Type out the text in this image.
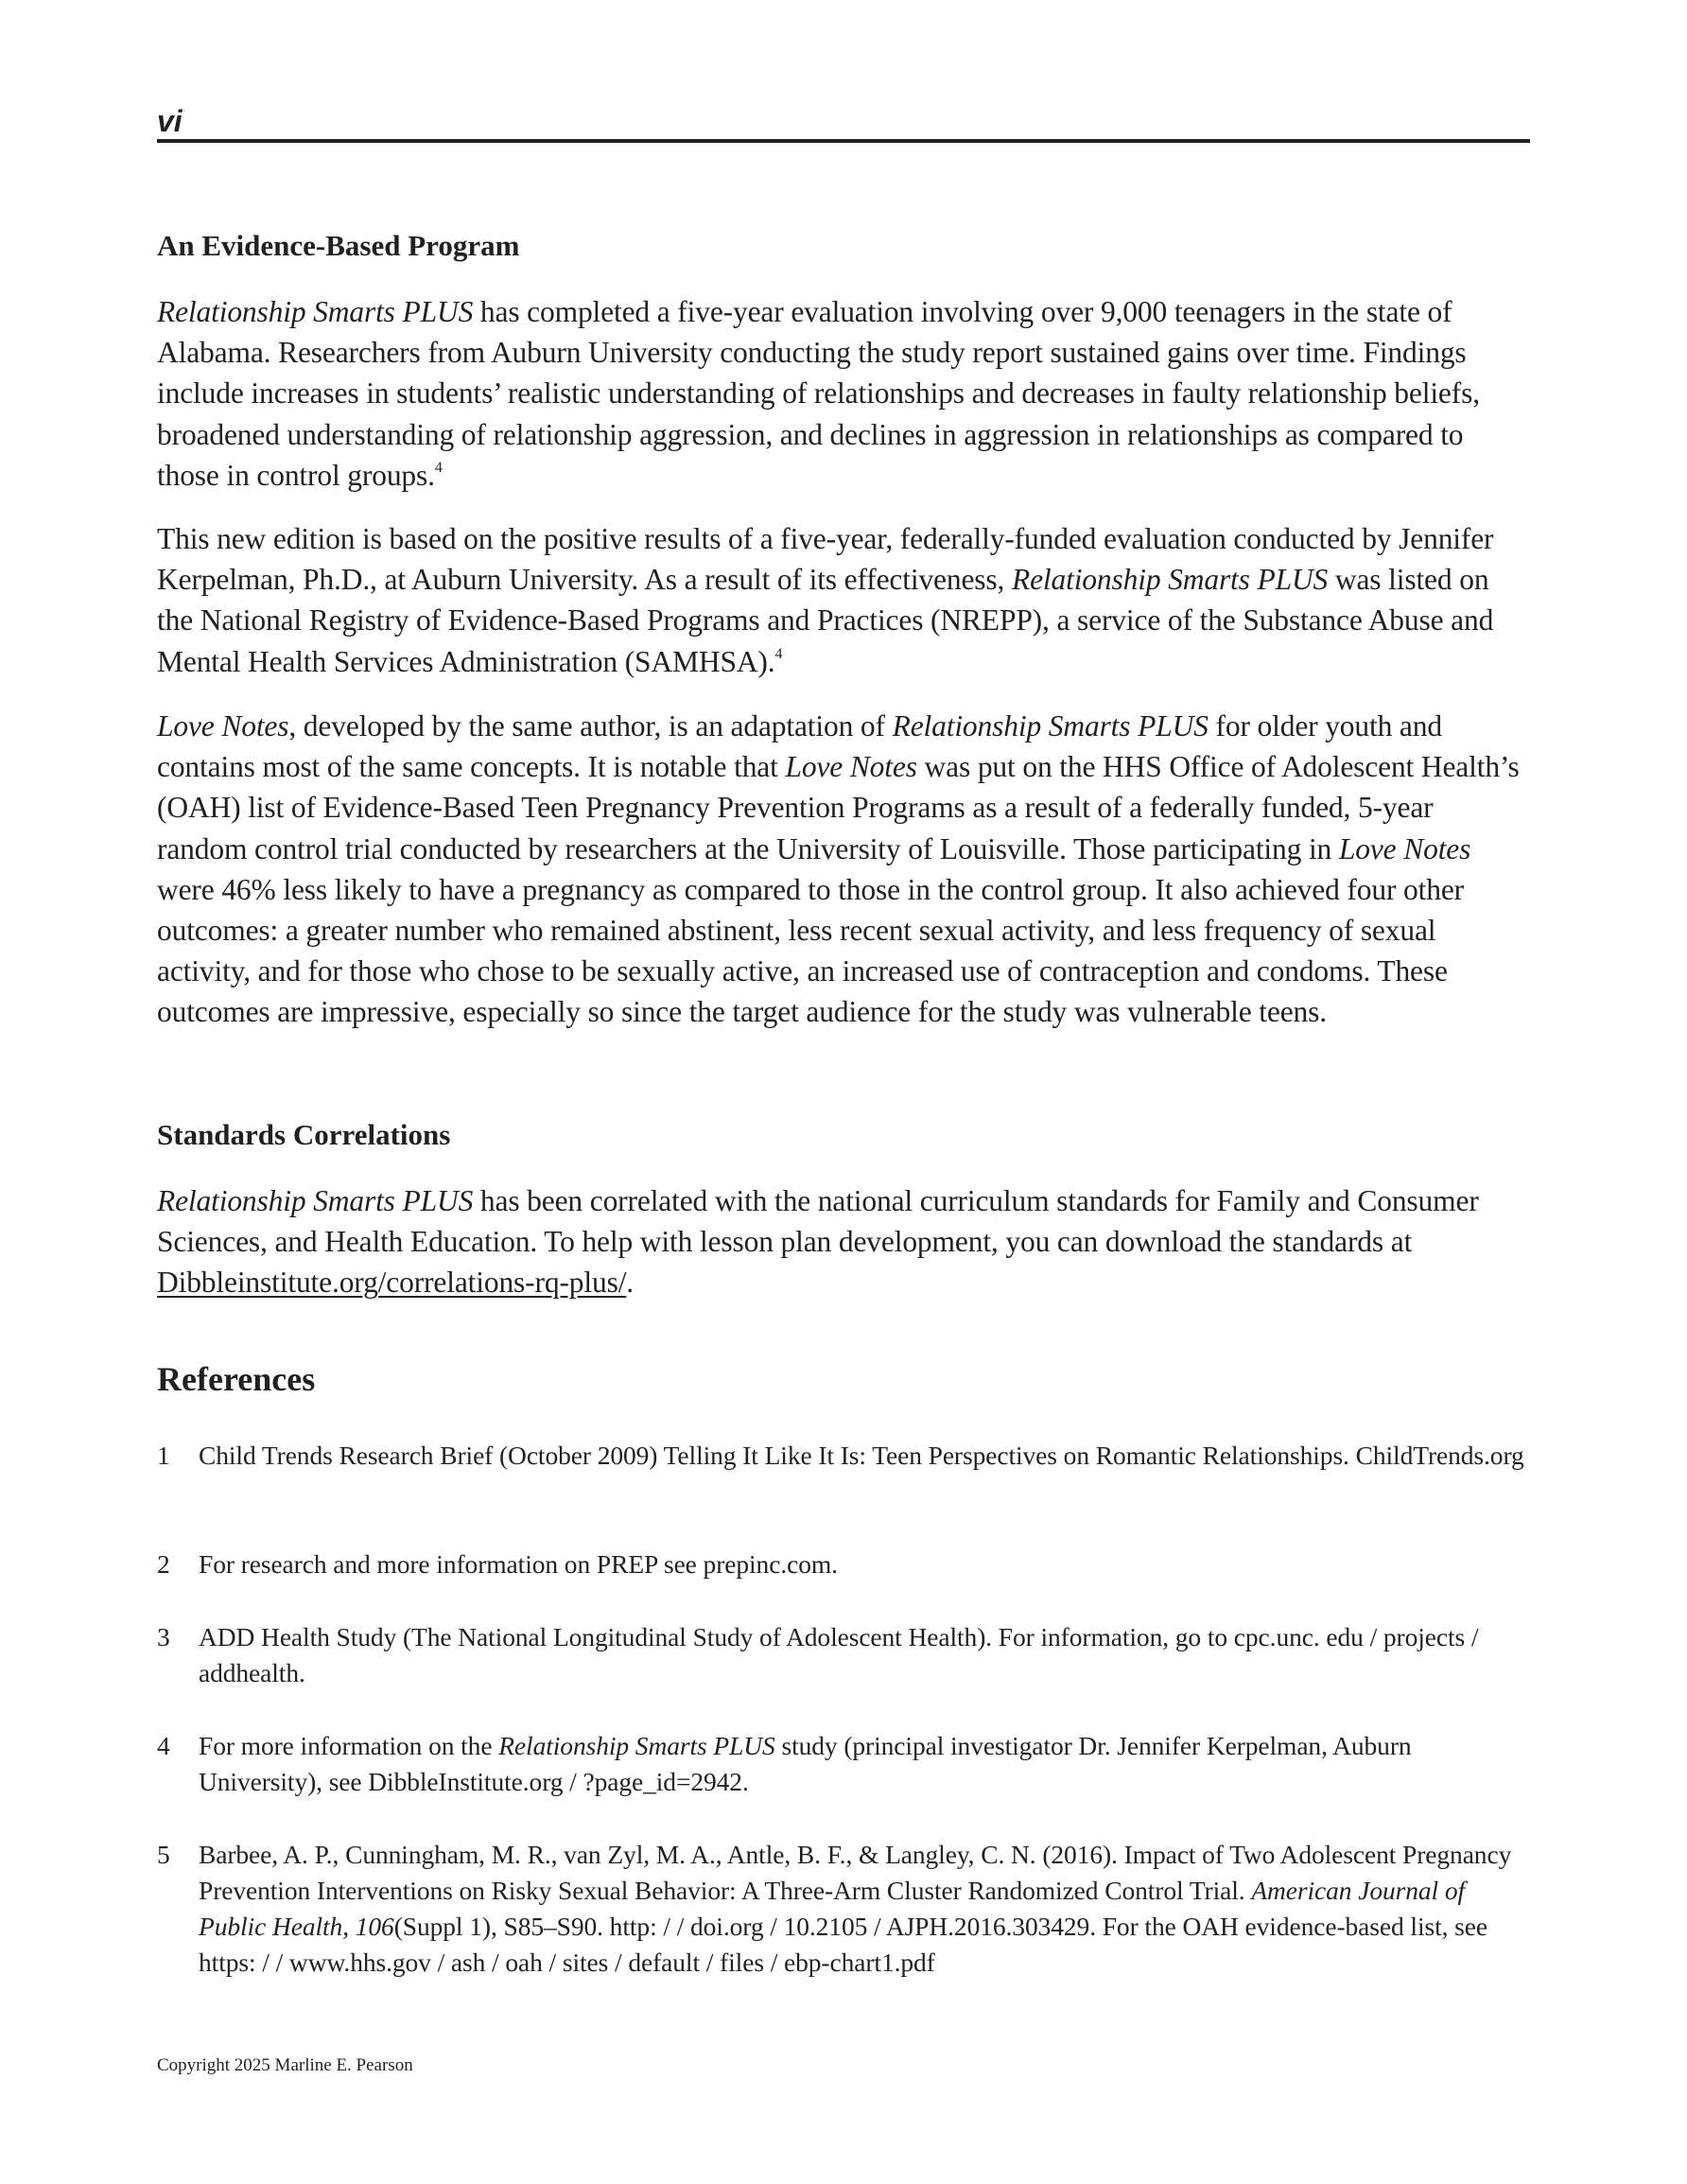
vi
An Evidence-Based Program

Relationship Smarts PLUS has completed a five-year evaluation involving over 9,000 teenagers in the state of Alabama. Researchers from Auburn University conducting the study report sustained gains over time. Findings include increases in students’ realistic understanding of relationships and decreases in faulty relationship beliefs, broadened understanding of relationship aggression, and declines in aggression in relationships as compared to those in control groups.$^4$

This new edition is based on the positive results of a five-year, federally-funded evaluation conducted by Jennifer Kerpelman, Ph.D., at Auburn University. As a result of its effectiveness, Relationship Smarts PLUS was listed on the National Registry of Evidence-Based Programs and Practices (NREPP), a service of the Substance Abuse and Mental Health Services Administration (SAMHSA).$^4$

Love Notes, developed by the same author, is an adaptation of Relationship Smarts PLUS for older youth and contains most of the same concepts. It is notable that Love Notes was put on the HHS Office of Adolescent Health’s (OAH) list of Evidence-Based Teen Pregnancy Prevention Programs as a result of a federally funded, 5-year random control trial conducted by researchers at the University of Louisville. Those participating in Love Notes were 46% less likely to have a pregnancy as compared to those in the control group. It also achieved four other outcomes: a greater number who remained abstinent, less recent sexual activity, and less frequency of sexual activity, and for those who chose to be sexually active, an increased use of contraception and condoms. These outcomes are impressive, especially so since the target audience for the study was vulnerable teens.

Standards Correlations

Relationship Smarts PLUS has been correlated with the national curriculum standards for Family and Consumer Sciences, and Health Education. To help with lesson plan development, you can download the standards at Dibbleinstitute.org/correlations-rq-plus/.

References
1	Child Trends Research Brief (October 2009) Telling It Like It Is: Teen Perspectives on Romantic Relationships. ChildTrends.org
2	For research and more information on PREP see prepinc.com.
3	ADD Health Study (The National Longitudinal Study of Adolescent Health). For information, go to cpc.unc. edu / projects / addhealth.
4	For more information on the Relationship Smarts PLUS study (principal investigator Dr. Jennifer Kerpelman, Auburn University), see DibbleInstitute.org / ?page_id=2942.
5	Barbee, A. P., Cunningham, M. R., van Zyl, M. A., Antle, B. F., & Langley, C. N. (2016). Impact of Two Adolescent Pregnancy Prevention Interventions on Risky Sexual Behavior: A Three-Arm Cluster Randomized Control Trial. American Journal of Public Health, 106(Suppl 1), S85–S90. http: / / doi.org / 10.2105 / AJPH.2016.303429. For the OAH evidence-based list, see https: / / www.hhs.gov / ash / oah / sites / default / files / ebp-chart1.pdf
Copyright 2025 Marline E. Pearson
